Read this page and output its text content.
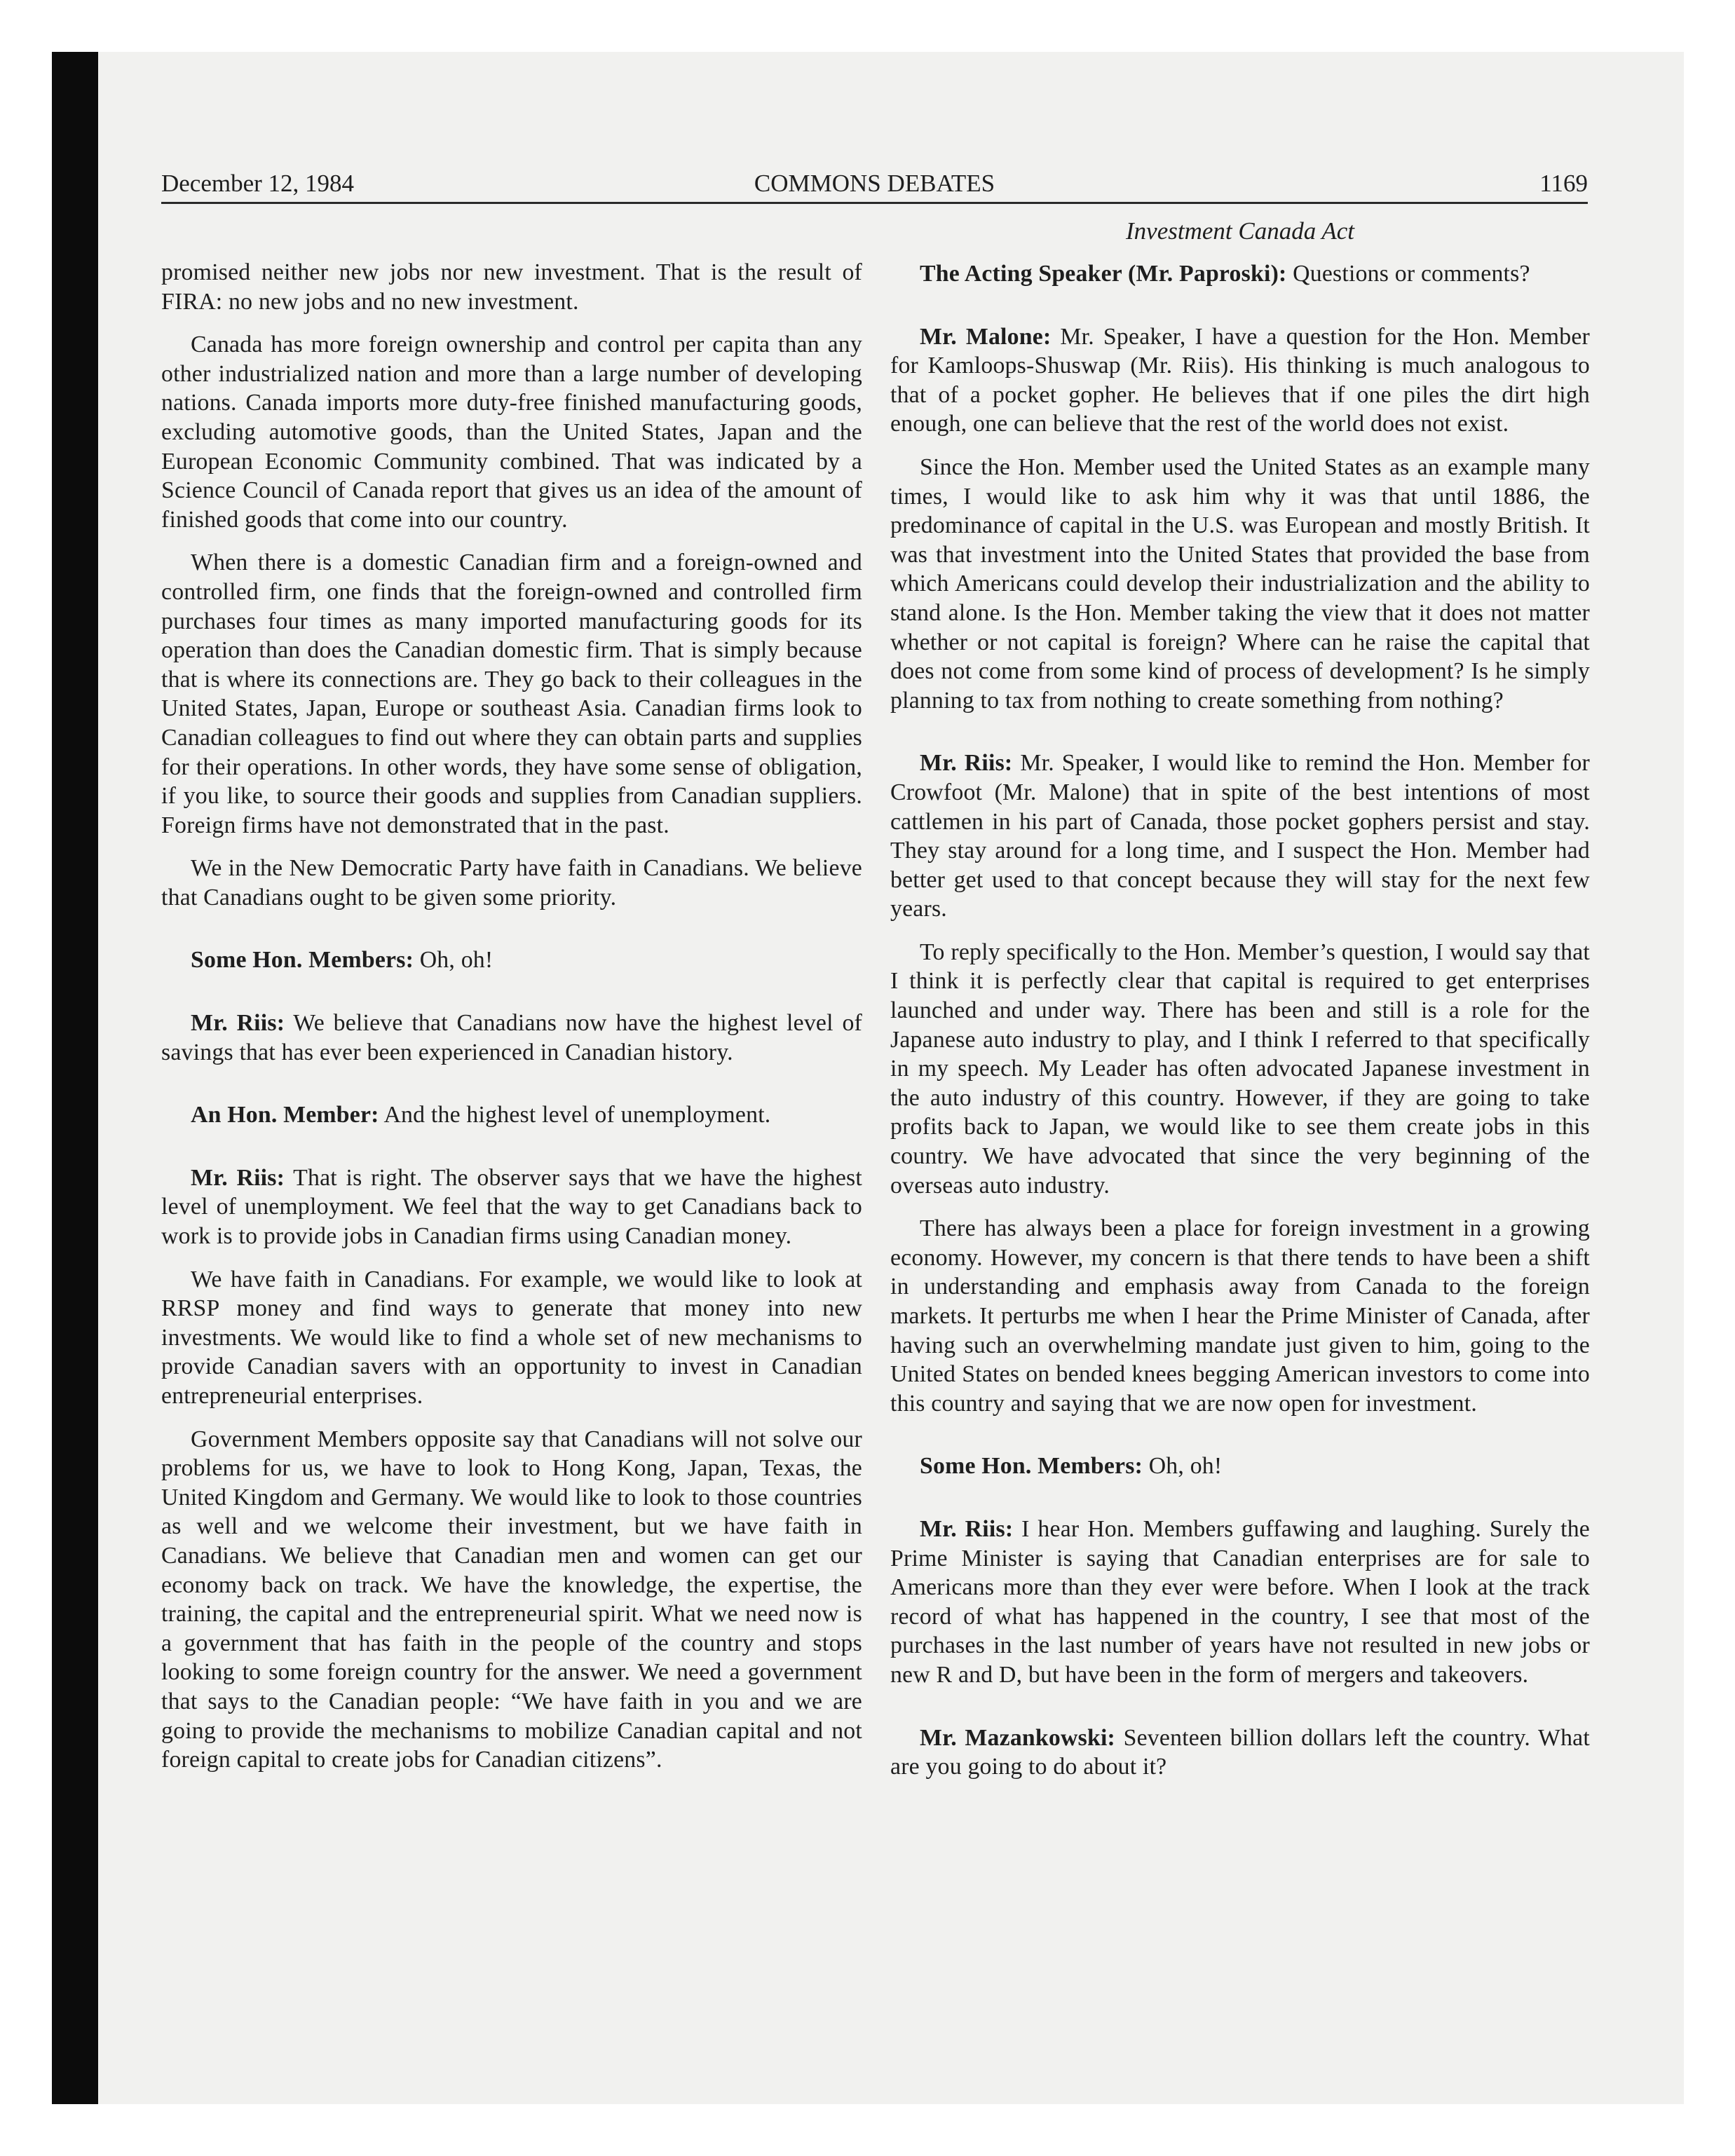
December 12, 1984	COMMONS DEBATES	1169

promised neither new jobs nor new investment. That is the result of FIRA: no new jobs and no new investment.

Canada has more foreign ownership and control per capita than any other industrialized nation and more than a large number of developing nations. Canada imports more duty-free finished manufacturing goods, excluding automotive goods, than the United States, Japan and the European Economic Community combined. That was indicated by a Science Council of Canada report that gives us an idea of the amount of finished goods that come into our country.

When there is a domestic Canadian firm and a foreign-owned and controlled firm, one finds that the foreign-owned and controlled firm purchases four times as many imported manufacturing goods for its operation than does the Canadian domestic firm. That is simply because that is where its connections are. They go back to their colleagues in the United States, Japan, Europe or southeast Asia. Canadian firms look to Canadian colleagues to find out where they can obtain parts and supplies for their operations. In other words, they have some sense of obligation, if you like, to source their goods and supplies from Canadian suppliers. Foreign firms have not demonstrated that in the past.

We in the New Democratic Party have faith in Canadians. We believe that Canadians ought to be given some priority.

Some Hon. Members: Oh, oh!

Mr. Riis: We believe that Canadians now have the highest level of savings that has ever been experienced in Canadian history.

An Hon. Member: And the highest level of unemployment.

Mr. Riis: That is right. The observer says that we have the highest level of unemployment. We feel that the way to get Canadians back to work is to provide jobs in Canadian firms using Canadian money.

We have faith in Canadians. For example, we would like to look at RRSP money and find ways to generate that money into new investments. We would like to find a whole set of new mechanisms to provide Canadian savers with an opportunity to invest in Canadian entrepreneurial enterprises.

Government Members opposite say that Canadians will not solve our problems for us, we have to look to Hong Kong, Japan, Texas, the United Kingdom and Germany. We would like to look to those countries as well and we welcome their investment, but we have faith in Canadians. We believe that Canadian men and women can get our economy back on track. We have the knowledge, the expertise, the training, the capital and the entrepreneurial spirit. What we need now is a government that has faith in the people of the country and stops looking to some foreign country for the answer. We need a government that says to the Canadian people: “We have faith in you and we are going to provide the mechanisms to mobilize Canadian capital and not foreign capital to create jobs for Canadian citizens”.

Investment Canada Act

The Acting Speaker (Mr. Paproski): Questions or comments?

Mr. Malone: Mr. Speaker, I have a question for the Hon. Member for Kamloops-Shuswap (Mr. Riis). His thinking is much analogous to that of a pocket gopher. He believes that if one piles the dirt high enough, one can believe that the rest of the world does not exist.

Since the Hon. Member used the United States as an example many times, I would like to ask him why it was that until 1886, the predominance of capital in the U.S. was European and mostly British. It was that investment into the United States that provided the base from which Americans could develop their industrialization and the ability to stand alone. Is the Hon. Member taking the view that it does not matter whether or not capital is foreign? Where can he raise the capital that does not come from some kind of process of development? Is he simply planning to tax from nothing to create something from nothing?

Mr. Riis: Mr. Speaker, I would like to remind the Hon. Member for Crowfoot (Mr. Malone) that in spite of the best intentions of most cattlemen in his part of Canada, those pocket gophers persist and stay. They stay around for a long time, and I suspect the Hon. Member had better get used to that concept because they will stay for the next few years.

To reply specifically to the Hon. Member’s question, I would say that I think it is perfectly clear that capital is required to get enterprises launched and under way. There has been and still is a role for the Japanese auto industry to play, and I think I referred to that specifically in my speech. My Leader has often advocated Japanese investment in the auto industry of this country. However, if they are going to take profits back to Japan, we would like to see them create jobs in this country. We have advocated that since the very beginning of the overseas auto industry.

There has always been a place for foreign investment in a growing economy. However, my concern is that there tends to have been a shift in understanding and emphasis away from Canada to the foreign markets. It perturbs me when I hear the Prime Minister of Canada, after having such an overwhelming mandate just given to him, going to the United States on bended knees begging American investors to come into this country and saying that we are now open for investment.

Some Hon. Members: Oh, oh!

Mr. Riis: I hear Hon. Members guffawing and laughing. Surely the Prime Minister is saying that Canadian enterprises are for sale to Americans more than they ever were before. When I look at the track record of what has happened in the country, I see that most of the purchases in the last number of years have not resulted in new jobs or new R and D, but have been in the form of mergers and takeovers.

Mr. Mazankowski: Seventeen billion dollars left the country. What are you going to do about it?
